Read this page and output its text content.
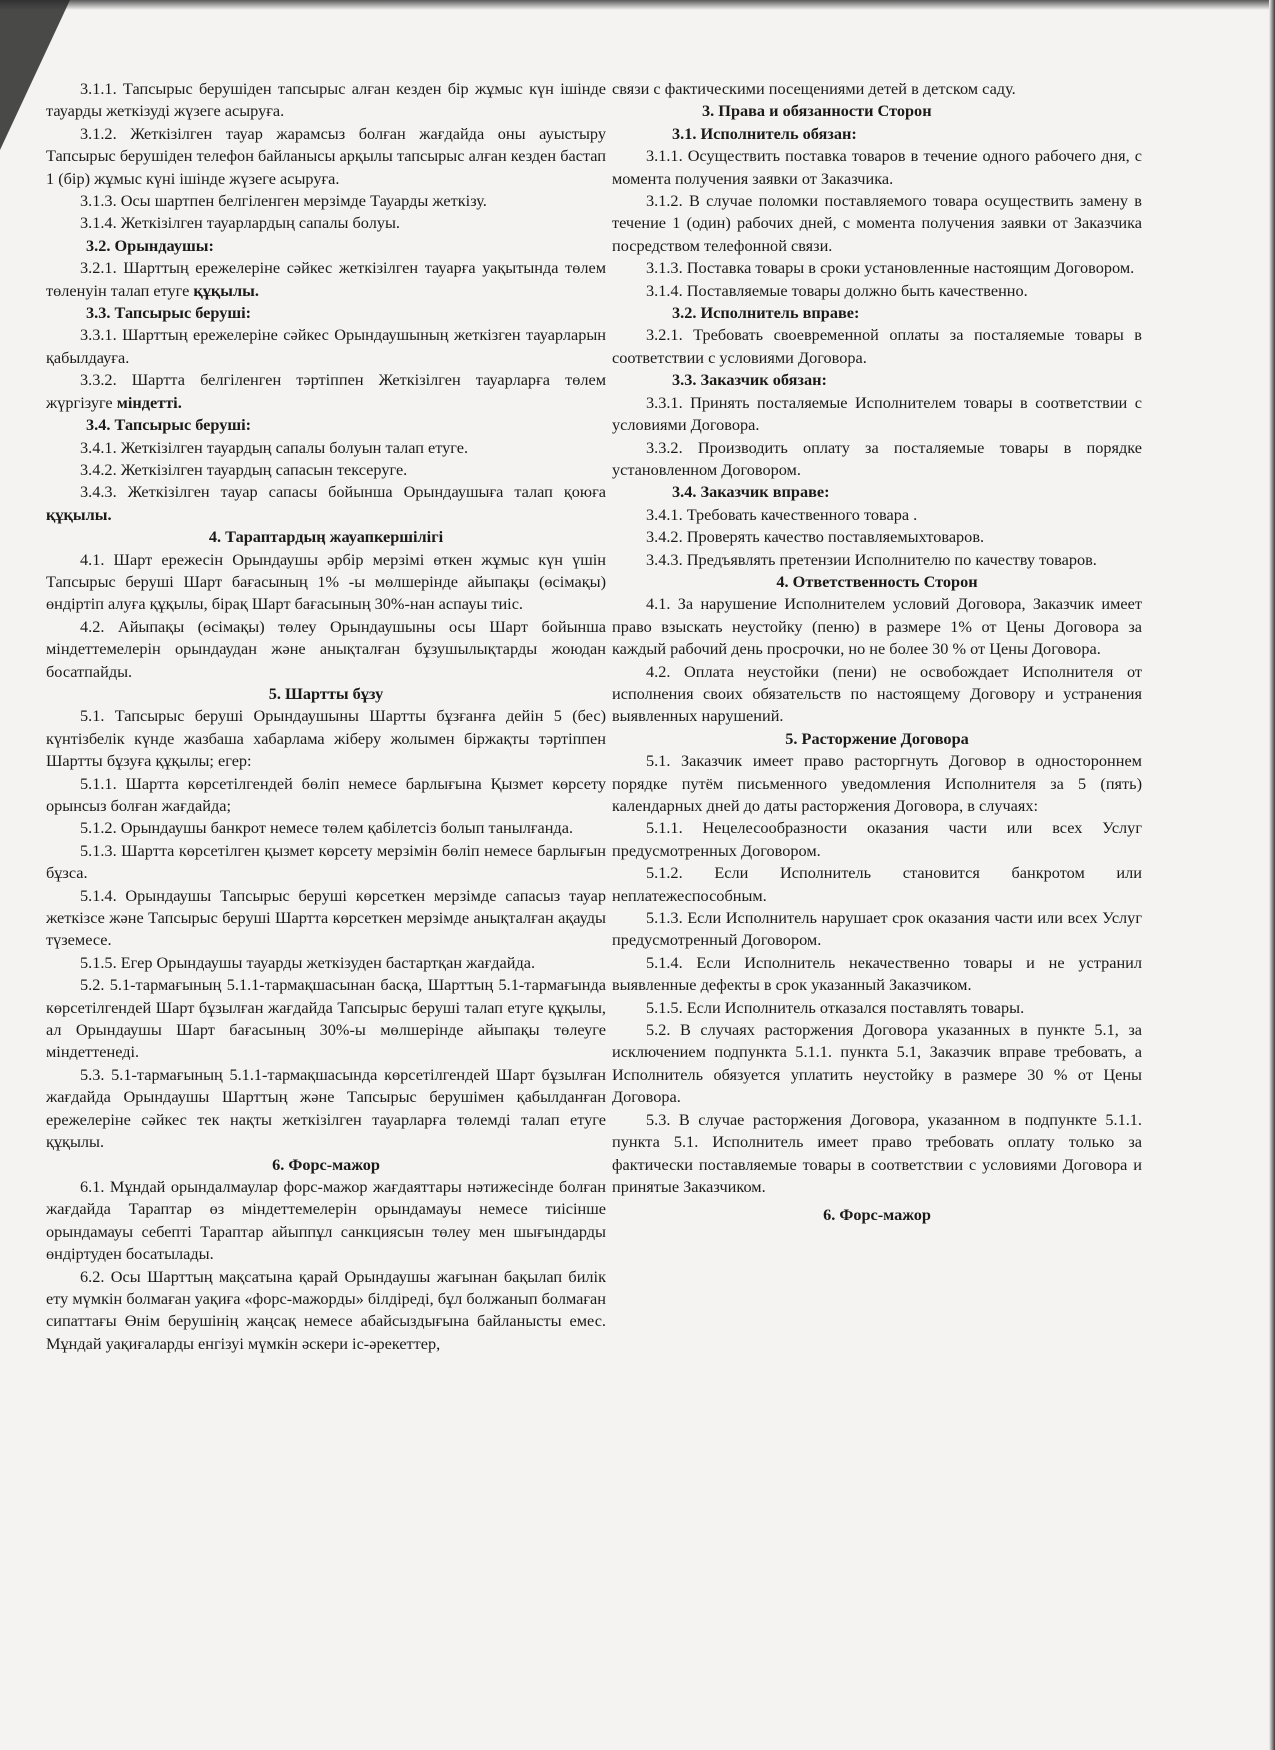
3.1.1. Тапсырыс берушіден тапсырыс алған кезден бір жұмыс күн ішінде тауарды жеткізуді жүзеге асыруға.

3.1.2. Жеткізілген тауар жарамсыз болған жағдайда оны ауыстыру Тапсырыс берушіден телефон байланысы арқылы тапсырыс алған кезден бастап 1 (бір) жұмыс күні ішінде жүзеге асыруға.

3.1.3. Осы шартпен белгіленген мерзімде Тауарды жеткізу.

3.1.4. Жеткізілген тауарлардың сапалы болуы.

3.2. Орындаушы:

3.2.1. Шарттың ережелеріне сәйкес жеткізілген тауарға уақытында төлем төленуін талап етуге құқылы.

3.3. Тапсырыс беруші:

3.3.1. Шарттың ережелеріне сәйкес Орындаушының жеткізген тауарларын қабылдауға.

3.3.2. Шартта белгіленген тәртіппен Жеткізілген тауарларға төлем жүргізуге міндетті.

3.4. Тапсырыс беруші:

3.4.1. Жеткізілген тауардың сапалы болуын талап етуге.

3.4.2. Жеткізілген тауардың сапасын тексеруге.

3.4.3. Жеткізілген тауар сапасы бойынша Орындаушыға талап қоюға құқылы.

4. Тараптардың жауапкершілігі

4.1. Шарт ережесін Орындаушы әрбір мерзімі өткен жұмыс күн үшін Тапсырыс беруші Шарт бағасының 1% -ы мөлшерінде айыпақы (өсімақы) өндіртіп алуға құқылы, бірақ Шарт бағасының 30%-нан аспауы тиіс.

4.2. Айыпақы (өсімақы) төлеу Орындаушыны осы Шарт бойынша міндеттемелерін орындаудан және анықталған бұзушылықтарды жоюдан босатпайды.

5. Шартты бұзу

5.1. Тапсырыс беруші Орындаушыны Шартты бұзғанға дейін 5 (бес) күнтізбелік күнде жазбаша хабарлама жіберу жолымен біржақты тәртіппен Шартты бұзуға құқылы; егер:

5.1.1. Шартта көрсетілгендей бөліп немесе барлығына Қызмет көрсету орынсыз болған жағдайда;

5.1.2. Орындаушы банкрот немесе төлем қабілетсіз болып танылғанда.

5.1.3. Шартта көрсетілген қызмет көрсету мерзімін бөліп немесе барлығын бұзса.

5.1.4. Орындаушы Тапсырыс беруші көрсеткен мерзімде сапасыз тауар жеткізсе және Тапсырыс беруші Шартта көрсеткен мерзімде анықталған ақауды түземесе.

5.1.5. Егер Орындаушы тауарды жеткізуден бастартқан жағдайда.

5.2. 5.1-тармағының 5.1.1-тармақшасынан басқа, Шарттың 5.1-тармағында көрсетілгендей Шарт бұзылған жағдайда Тапсырыс беруші талап етуге құқылы, ал Орындаушы Шарт бағасының 30%-ы мөлшерінде айыпақы төлеуге міндеттенеді.

5.3. 5.1-тармағының 5.1.1-тармақшасында көрсетілгендей Шарт бұзылған жағдайда Орындаушы Шарттың және Тапсырыс берушімен қабылданған ережелеріне сәйкес тек нақты жеткізілген тауарларға төлемді талап етуге құқылы.

6. Форс-мажор

6.1. Мұндай орындалмаулар форс-мажор жағдаяттары нәтижесінде болған жағдайда Тараптар өз міндеттемелерін орындамауы немесе тиісінше орындамауы себепті Тараптар айыппұл санкциясын төлеу мен шығындарды өндіртуден босатылады.

6.2. Осы Шарттың мақсатына қарай Орындаушы жағынан бақылап билік ету мүмкін болмаған уақиға «форс-мажорды» білдіреді, бұл болжанып болмаған сипаттағы Өнім берушінің жаңсақ немесе абайсыздығына байланысты емес. Мұндай уақиғаларды енгізуі мүмкін әскери іс-әрекеттер,

связи с фактическими посещениями детей в детском саду.

3. Права и обязанности Сторон

3.1. Исполнитель обязан:

3.1.1. Осуществить поставка товаров в течение одного рабочего дня, с момента получения заявки от Заказчика.

3.1.2. В случае поломки поставляемого товара осуществить замену в течение 1 (один) рабочих дней, с момента получения заявки от Заказчика посредством телефонной связи.

3.1.3. Поставка товары в сроки установленные настоящим Договором.

3.1.4. Поставляемые товары должно быть качественно.

3.2. Исполнитель вправе:

3.2.1. Требовать своевременной оплаты за посталяемые товары в соответствии с условиями Договора.

3.3. Заказчик обязан:

3.3.1. Принять посталяемые Исполнителем товары в соответствии с условиями Договора.

3.3.2. Производить оплату за посталяемые товары в порядке установленном Договором.

3.4. Заказчик вправе:

3.4.1. Требовать качественного товара .

3.4.2. Проверять качество поставляемыхтоваров.

3.4.3. Предъявлять претензии Исполнителю по качеству товаров.

4. Ответственность Сторон

4.1. За нарушение Исполнителем условий Договора, Заказчик имеет право взыскать неустойку (пеню) в размере 1% от Цены Договора за каждый рабочий день просрочки, но не более 30 % от Цены Договора.

4.2. Оплата неустойки (пени) не освобождает Исполнителя от исполнения своих обязательств по настоящему Договору и устранения выявленных нарушений.

5. Расторжение Договора

5.1. Заказчик имеет право расторгнуть Договор в одностороннем порядке путём письменного уведомления Исполнителя за 5 (пять) календарных дней до даты расторжения Договора, в случаях:

5.1.1. Нецелесообразности оказания части или всех Услуг предусмотренных Договором.

5.1.2. Если Исполнитель становится банкротом или неплатежеспособным.

5.1.3. Если Исполнитель нарушает срок оказания части или всех Услуг предусмотренный Договором.

5.1.4. Если Исполнитель некачественно товары и не устранил выявленные дефекты в срок указанный Заказчиком.

5.1.5. Если Исполнитель отказался поставлять товары.

5.2. В случаях расторжения Договора указанных в пункте 5.1, за исключением подпункта 5.1.1. пункта 5.1, Заказчик вправе требовать, а Исполнитель обязуется уплатить неустойку в размере 30 % от Цены Договора.

5.3. В случае расторжения Договора, указанном в подпункте 5.1.1. пункта 5.1. Исполнитель имеет право требовать оплату только за фактически поставляемые товары в соответствии с условиями Договора и принятые Заказчиком.

6. Форс-мажор
